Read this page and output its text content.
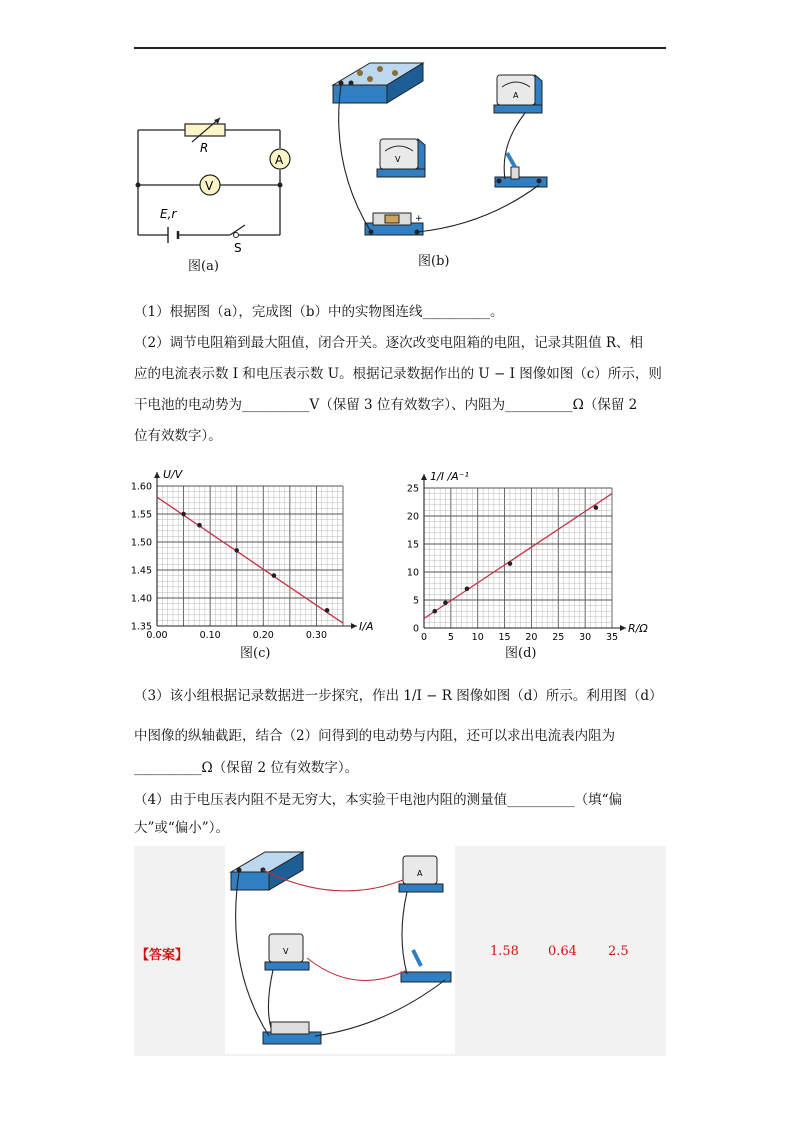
R
A
V
E,r
S
图(a)
V
A
+
图(b)
（1）根据图（a），完成图（b）中的实物图连线__________。
（2）调节电阻箱到最大阻值，闭合开关。逐次改变电阻箱的电阻，记录其阻值 R、相
应的电流表示数 I 和电压表示数 U。根据记录数据作出的 U − I 图像如图（c）所示，则
干电池的电动势为__________V（保留 3 位有效数字）、内阻为__________Ω（保留 2
位有效数字）。
0.00	0.10	0.20	0.30
1.35
1.40
1.45
1.50
1.55
1.60
I/A
U/V
图(c)
0 5 10 15 20 25 30 35
0
5
10
15
20
25
R/Ω
1/I /A⁻¹
图(d)
（3）该小组根据记录数据进一步探究，作出 1/I − R 图像如图（d）所示。利用图（d）
中图像的纵轴截距，结合（2）问得到的电动势与内阻，还可以求出电流表内阻为
__________Ω（保留 2 位有效数字）。
（4）由于电压表内阻不是无穷大，本实验干电池内阻的测量值__________（填“偏
大”或“偏小”）。
A
V
【答案】	1.58 0.64 2.5
